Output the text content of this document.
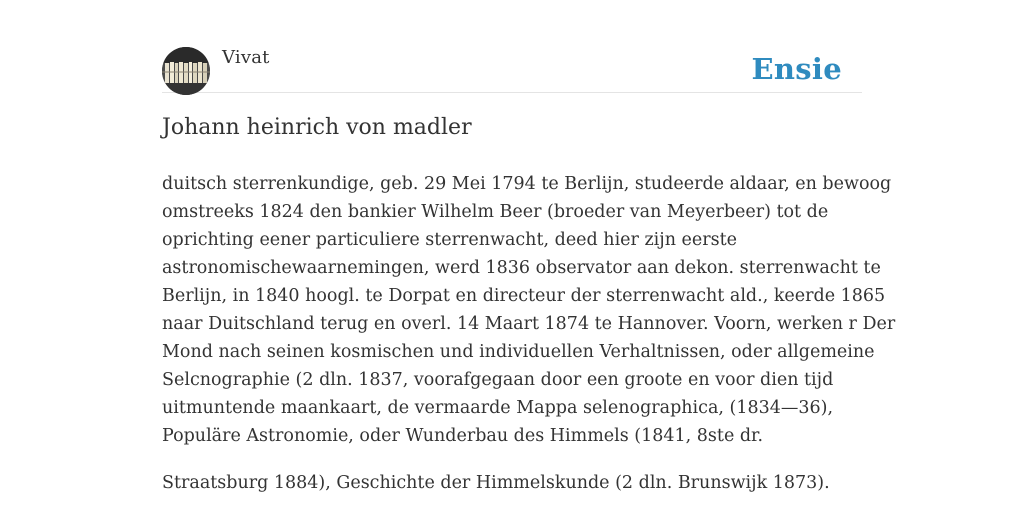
Vivat	Ensie
Johann heinrich von madler

duitsch sterrenkundige, geb. 29 Mei 1794 te Berlijn, studeerde aldaar, en bewoog
omstreeks 1824 den bankier Wilhelm Beer (broeder van Meyerbeer) tot de
oprichting eener particuliere sterrenwacht, deed hier zijn eerste
astronomischewaarnemingen, werd 1836 observator aan dekon. sterrenwacht te
Berlijn, in 1840 hoogl. te Dorpat en directeur der sterrenwacht ald., keerde 1865
naar Duitschland terug en overl. 14 Maart 1874 te Hannover. Voorn, werken r Der
Mond nach seinen kosmischen und individuellen Verhaltnissen, oder allgemeine
Selcnographie (2 dln. 1837, voorafgegaan door een groote en voor dien tijd
uitmuntende maankaart, de vermaarde Mappa selenographica, (1834—36),
Populäre Astronomie, oder Wunderbau des Himmels (1841, 8ste dr.

Straatsburg 1884), Geschichte der Himmelskunde (2 dln. Brunswijk 1873).
